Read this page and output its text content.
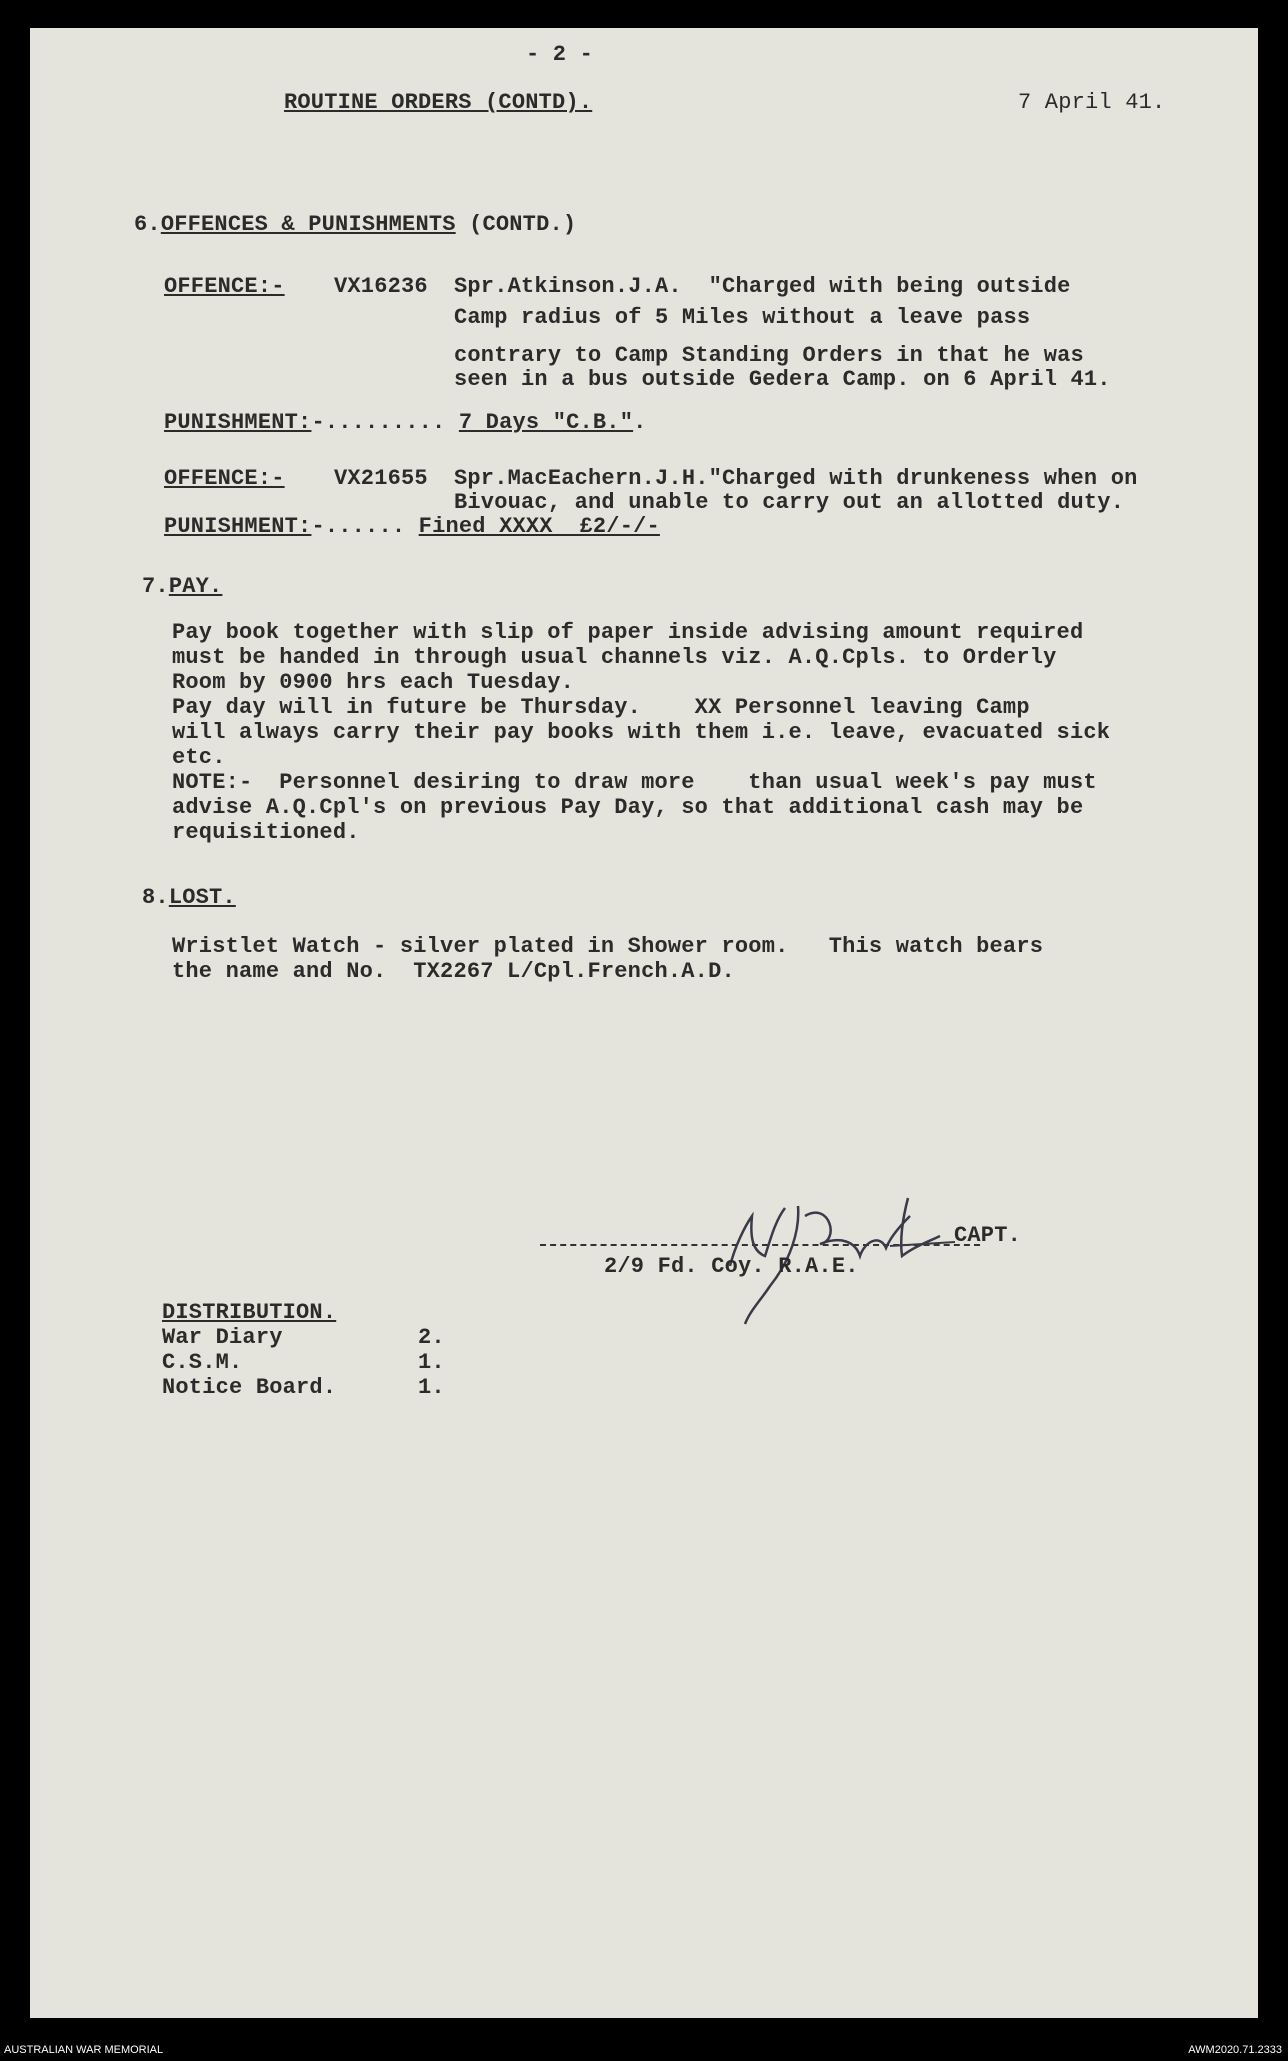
- 2 -
ROUTINE ORDERS (CONTD).	7 April 41.
6.OFFENCES & PUNISHMENTS (CONTD.)
OFFENCE:- VX16236 Spr.Atkinson.J.A.  "Charged with being outside
Camp radius of 5 Miles without a leave pass
contrary to Camp Standing Orders in that he was
seen in a bus outside Gedera Camp. on 6 April 41.
PUNISHMENT:-......... 7 Days "C.B.".
OFFENCE:- VX21655 Spr.MacEachern.J.H."Charged with drunkeness when on
Bivouac, and unable to carry out an allotted duty.
PUNISHMENT:-...... Fined XXXX  £2/-/-
7.PAY.
Pay book together with slip of paper inside advising amount required
must be handed in through usual channels viz. A.Q.Cpls. to Orderly
Room by 0900 hrs each Tuesday.
Pay day will in future be Thursday.    XX Personnel leaving Camp
will always carry their pay books with them i.e. leave, evacuated sick
etc.
NOTE:-  Personnel desiring to draw more    than usual week's pay must
advise A.Q.Cpl's on previous Pay Day, so that additional cash may be
requisitioned.
8.LOST.
Wristlet Watch - silver plated in Shower room.   This watch bears
the name and No.  TX2267 L/Cpl.French.A.D.
CAPT.
2/9 Fd. Coy. R.A.E.
DISTRIBUTION.
War Diary	2.
C.S.M.	1.
Notice Board.	1.
AUSTRALIAN WAR MEMORIAL	AWM2020.71.2333
